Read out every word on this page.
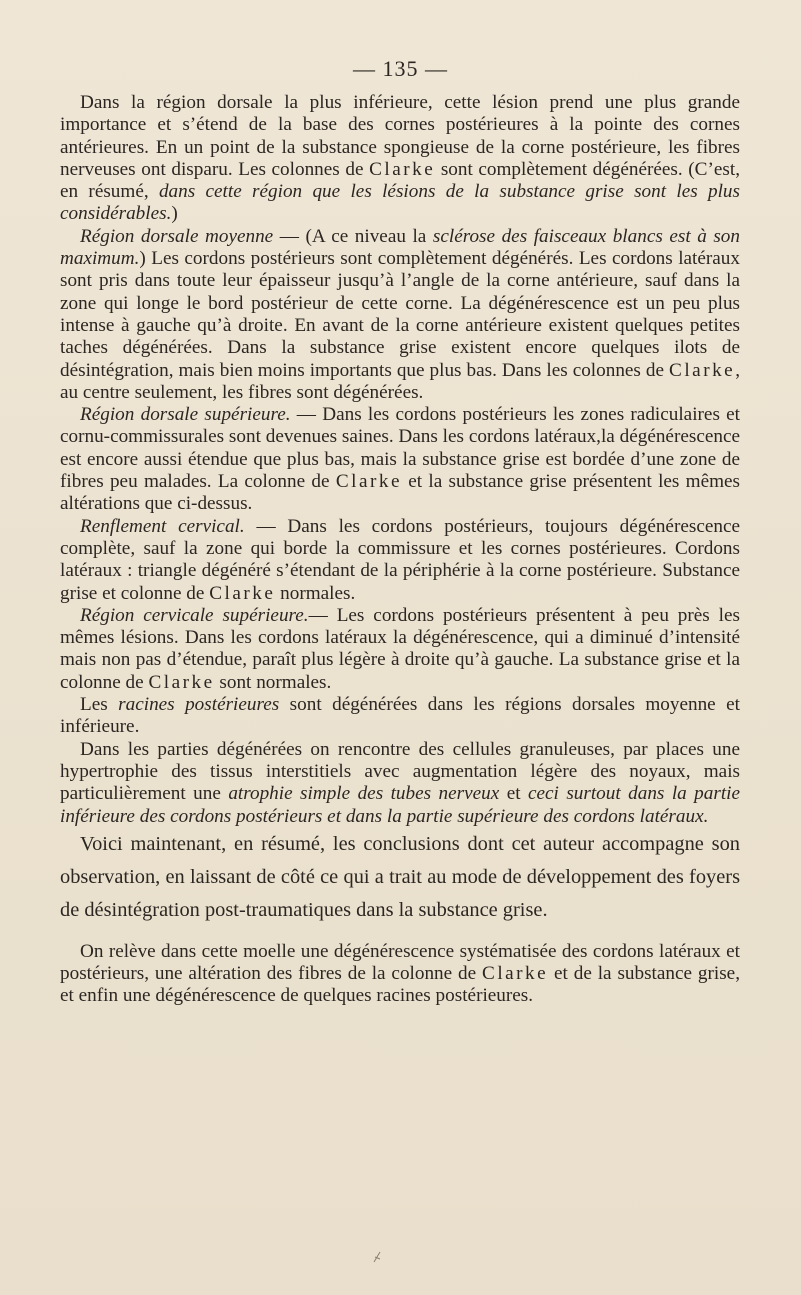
— 135 —

Dans la région dorsale la plus inférieure, cette lésion prend une plus grande importance et s’étend de la base des cornes postérieures à la pointe des cornes antérieures. En un point de la substance spongieuse de la corne postérieure, les fibres nerveuses ont disparu. Les colonnes de Clarke sont complètement dégénérées. (C’est, en résumé, dans cette région que les lésions de la substance grise sont les plus considérables.)

Région dorsale moyenne — (A ce niveau la sclérose des faisceaux blancs est à son maximum.) Les cordons postérieurs sont complètement dégénérés. Les cordons latéraux sont pris dans toute leur épaisseur jusqu’à l’angle de la corne antérieure, sauf dans la zone qui longe le bord postérieur de cette corne. La dégénérescence est un peu plus intense à gauche qu’à droite. En avant de la corne antérieure existent quelques petites taches dégénérées. Dans la substance grise existent encore quelques ilots de désintégration, mais bien moins importants que plus bas. Dans les colonnes de Clarke, au centre seulement, les fibres sont dégénérées.

Région dorsale supérieure. — Dans les cordons postérieurs les zones radiculaires et cornu-commissurales sont devenues saines. Dans les cordons latéraux,la dégénérescence est encore aussi étendue que plus bas, mais la substance grise est bordée d’une zone de fibres peu malades. La colonne de Clarke et la substance grise présentent les mêmes altérations que ci-dessus.

Renflement cervical. — Dans les cordons postérieurs, toujours dégénérescence complète, sauf la zone qui borde la commissure et les cornes postérieures. Cordons latéraux : triangle dégénéré s’étendant de la périphérie à la corne postérieure. Substance grise et colonne de Clarke normales.

Région cervicale supérieure.— Les cordons postérieurs présentent à peu près les mêmes lésions. Dans les cordons latéraux la dégénérescence, qui a diminué d’intensité mais non pas d’étendue, paraît plus légère à droite qu’à gauche. La substance grise et la colonne de Clarke sont normales.

Les racines postérieures sont dégénérées dans les régions dorsales moyenne et inférieure.

Dans les parties dégénérées on rencontre des cellules granuleuses, par places une hypertrophie des tissus interstitiels avec augmentation légère des noyaux, mais particulièrement une atrophie simple des tubes nerveux et ceci surtout dans la partie inférieure des cordons postérieurs et dans la partie supérieure des cordons latéraux.

Voici maintenant, en résumé, les conclusions dont cet auteur accompagne son observation, en laissant de côté ce qui a trait au mode de développement des foyers de désintégration post-traumatiques dans la substance grise.

On relève dans cette moelle une dégénérescence systématisée des cordons latéraux et postérieurs, une altération des fibres de la colonne de Clarke et de la substance grise, et enfin une dégénérescence de quelques racines postérieures.
